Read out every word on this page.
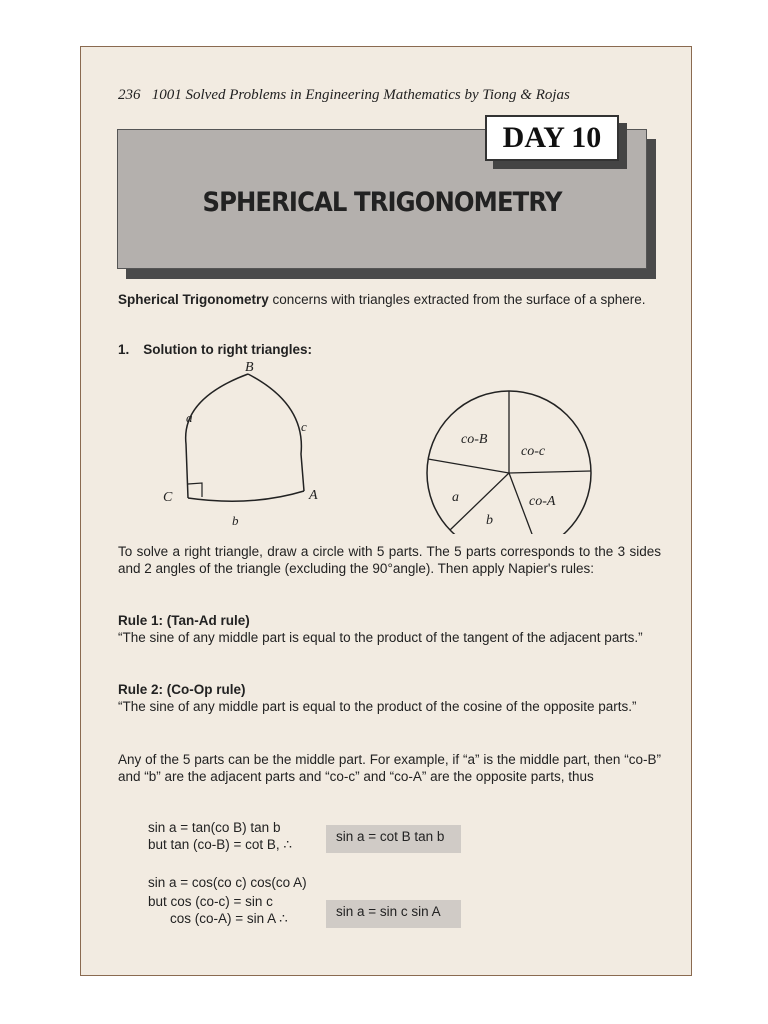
236 1001 Solved Problems in Engineering Mathematics by Tiong & Rojas
SPHERICAL TRIGONOMETRY
DAY 10
Spherical Trigonometry concerns with triangles extracted from the surface of a sphere.
1. Solution to right triangles:
B
C	A
a
c
b
co-B
co-c
co-A
b
a
To solve a right triangle, draw a circle with 5 parts. The 5 parts corresponds to the 3 sides and 2 angles of the triangle (excluding the 90°angle). Then apply Napier's rules:
Rule 1: (Tan-Ad rule)
“The sine of any middle part is equal to the product of the tangent of the adjacent parts.”
Rule 2: (Co-Op rule)
“The sine of any middle part is equal to the product of the cosine of the opposite parts.”
Any of the 5 parts can be the middle part. For example, if “a” is the middle part, then “co-B” and “b” are the adjacent parts and “co-c” and “co-A” are the opposite parts, thus
sin a = tan(co B) tan b
but tan (co-B) = cot B, ∴
sin a = cot B tan b
sin a = cos(co c) cos(co A)
but cos (co-c) = sin c
cos (co-A) = sin A ∴	sin a = sin c sin A
